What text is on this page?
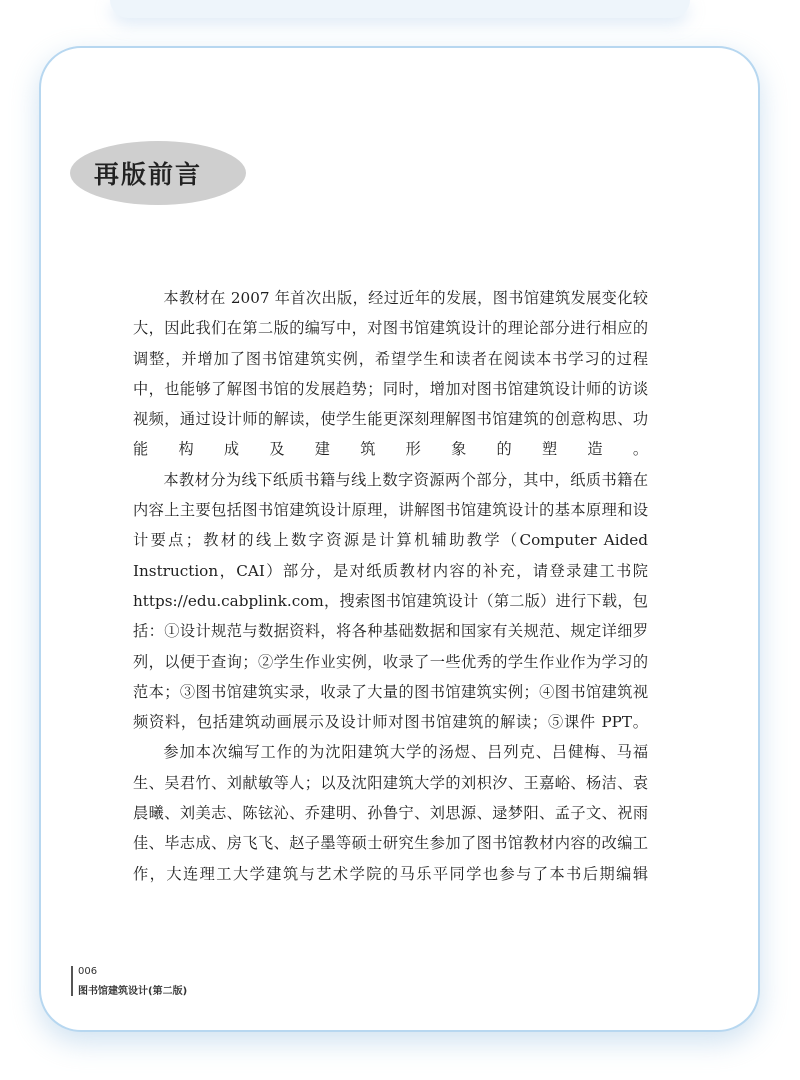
再版前言

本教材在 2007 年首次出版，经过近年的发展，图书馆建筑发展变化较大，因此我们在第二版的编写中，对图书馆建筑设计的理论部分进行相应的调整，并增加了图书馆建筑实例，希望学生和读者在阅读本书学习的过程中，也能够了解图书馆的发展趋势；同时，增加对图书馆建筑设计师的访谈视频，通过设计师的解读，使学生能更深刻理解图书馆建筑的创意构思、功能构成及建筑形象的塑造。

本教材分为线下纸质书籍与线上数字资源两个部分，其中，纸质书籍在内容上主要包括图书馆建筑设计原理，讲解图书馆建筑设计的基本原理和设计要点；教材的线上数字资源是计算机辅助教学（Computer Aided Instruction，CAI）部分，是对纸质教材内容的补充，请登录建工书院 https://edu.cabplink.com，搜索图书馆建筑设计（第二版）进行下载，包括：①设计规范与数据资料，将各种基础数据和国家有关规范、规定详细罗列，以便于查询；②学生作业实例，收录了一些优秀的学生作业作为学习的范本；③图书馆建筑实录，收录了大量的图书馆建筑实例；④图书馆建筑视频资料，包括建筑动画展示及设计师对图书馆建筑的解读；⑤课件 PPT。

参加本次编写工作的为沈阳建筑大学的汤煜、吕列克、吕健梅、马福生、吴君竹、刘献敏等人；以及沈阳建筑大学的刘枳汐、王嘉峪、杨洁、袁晨曦、刘美志、陈铉沁、乔建明、孙鲁宁、刘思源、逯梦阳、孟子文、祝雨佳、毕志成、房飞飞、赵子墨等硕士研究生参加了图书馆教材内容的改编工作，大连理工大学建筑与艺术学院的马乐平同学也参与了本书后期编辑

006
图书馆建筑设计(第二版)
